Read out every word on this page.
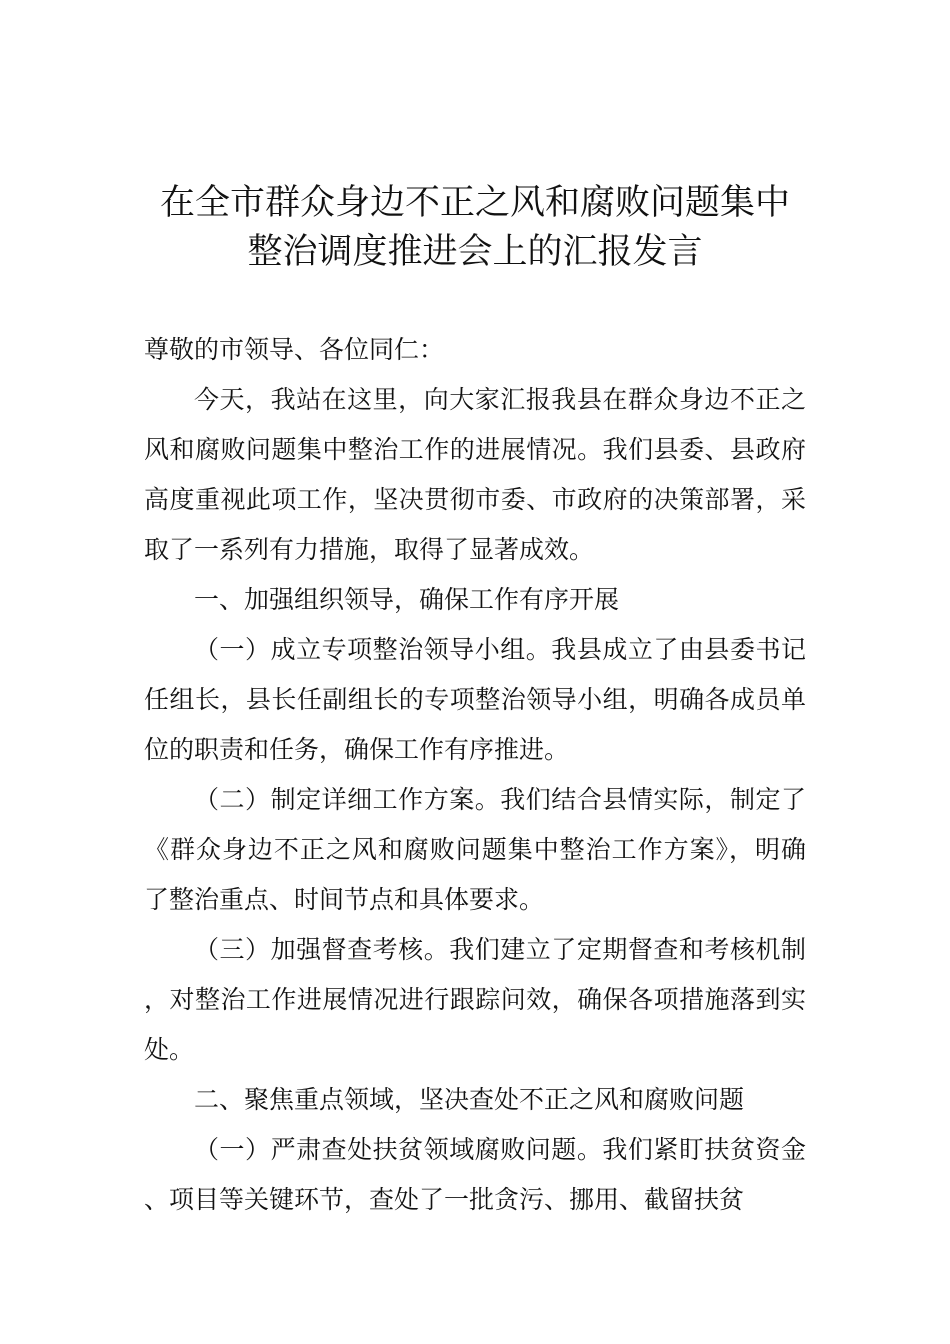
在全市群众身边不正之风和腐败问题集中
整治调度推进会上的汇报发言

尊敬的市领导、各位同仁：

今天，我站在这里，向大家汇报我县在群众身边不正之风和腐败问题集中整治工作的进展情况。我们县委、县政府高度重视此项工作，坚决贯彻市委、市政府的决策部署，采取了一系列有力措施，取得了显著成效。

一、加强组织领导，确保工作有序开展

（一）成立专项整治领导小组。我县成立了由县委书记任组长，县长任副组长的专项整治领导小组，明确各成员单位的职责和任务，确保工作有序推进。

（二）制定详细工作方案。我们结合县情实际，制定了《群众身边不正之风和腐败问题集中整治工作方案》，明确了整治重点、时间节点和具体要求。

（三）加强督查考核。我们建立了定期督查和考核机制，对整治工作进展情况进行跟踪问效，确保各项措施落到实处。

二、聚焦重点领域，坚决查处不正之风和腐败问题

（一）严肃查处扶贫领域腐败问题。我们紧盯扶贫资金、项目等关键环节，查处了一批贪污、挪用、截留扶贫
